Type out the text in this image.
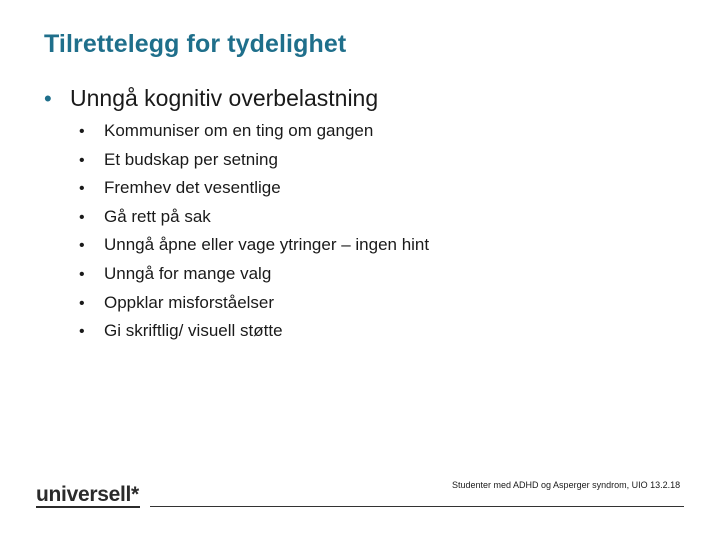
Tilrettelegg for tydelighet
• Unngå kognitiv overbelastning
•	Kommuniser om en ting om gangen
•	Et budskap per setning
•	Fremhev det vesentlige
•	Gå rett på sak
•	Unngå åpne eller vage ytringer – ingen hint
•	Unngå for mange valg
•	Oppklar misforståelser
•	Gi skriftlig/ visuell støtte
universell*	Studenter med ADHD og Asperger syndrom, UIO 13.2.18
